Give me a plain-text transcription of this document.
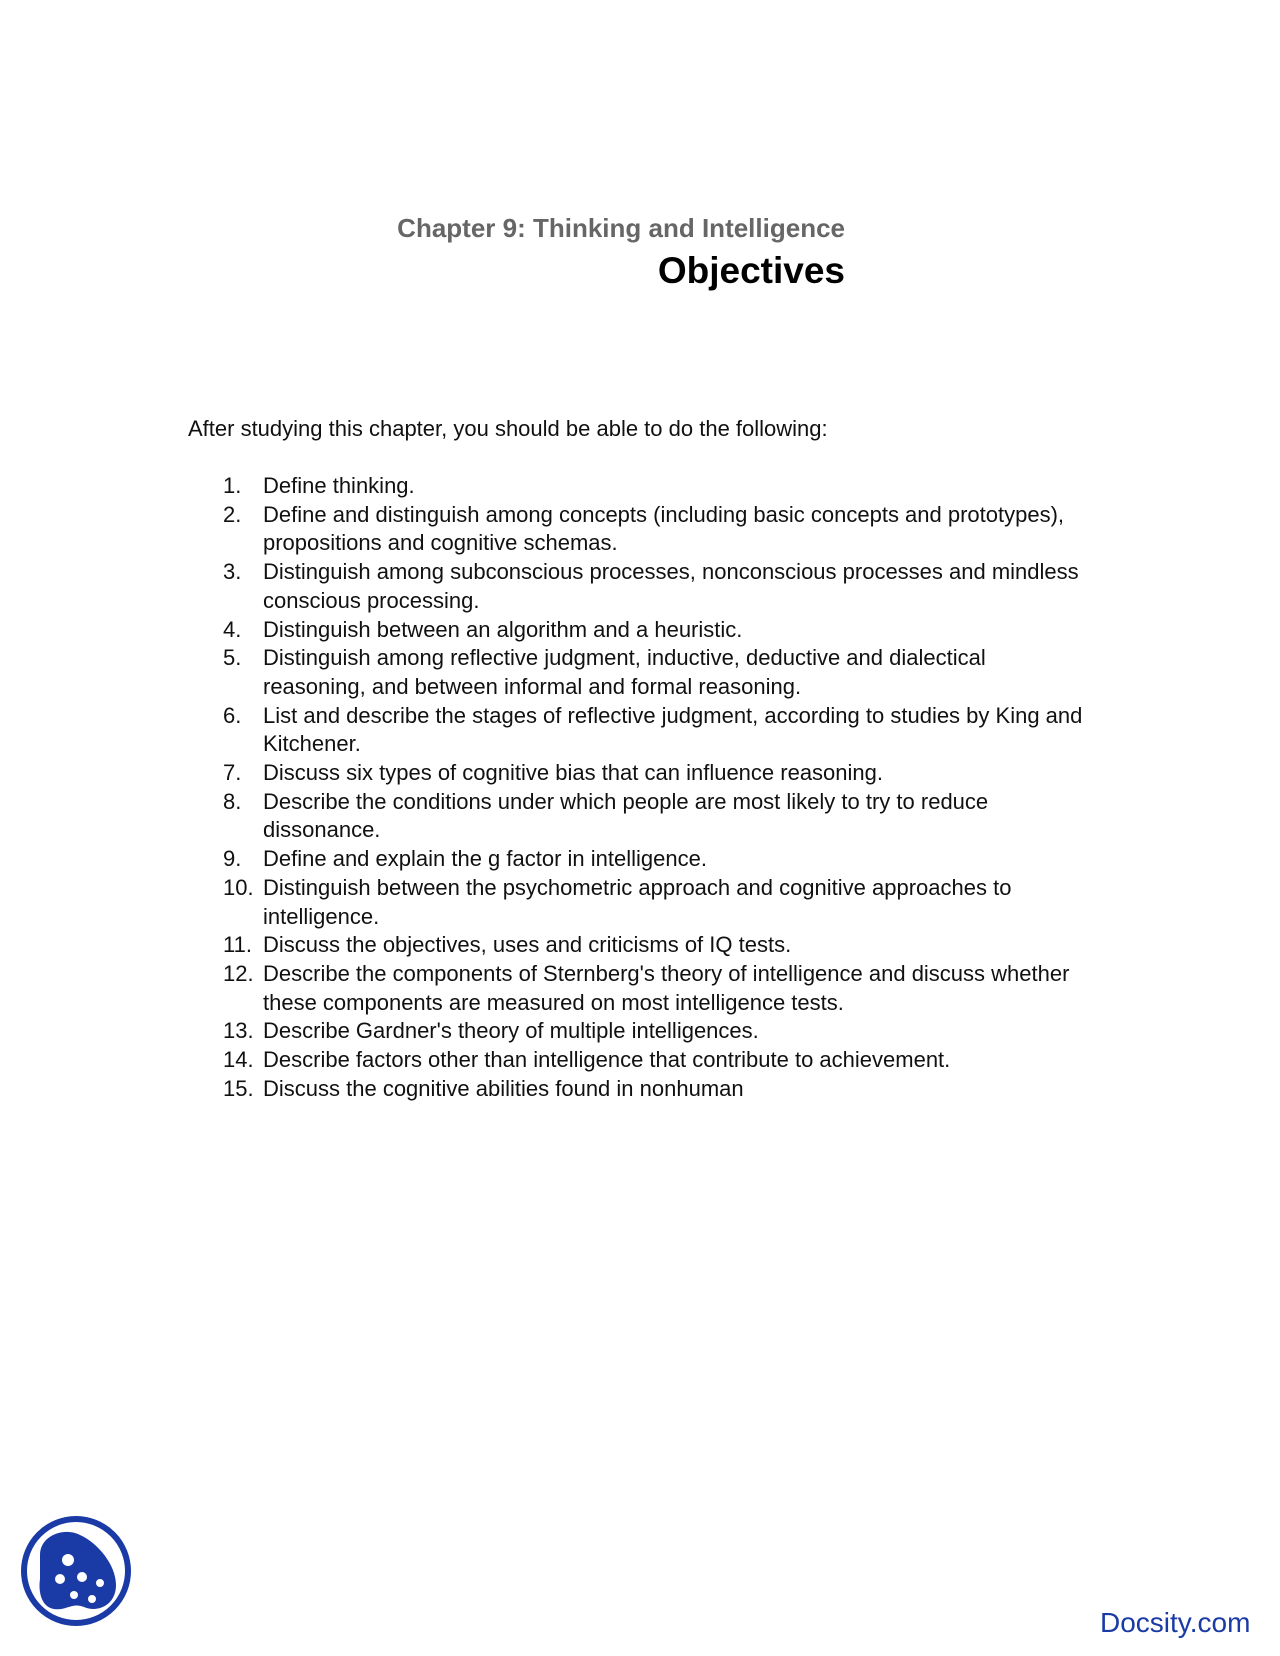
Chapter 9: Thinking and Intelligence
Objectives
After studying this chapter, you should be able to do the following:
1. Define thinking.
2. Define and distinguish among concepts (including basic concepts and prototypes), propositions and cognitive schemas.
3. Distinguish among subconscious processes, nonconscious processes and mindless conscious processing.
4. Distinguish between an algorithm and a heuristic.
5. Distinguish among reflective judgment, inductive, deductive and dialectical reasoning, and between informal and formal reasoning.
6. List and describe the stages of reflective judgment, according to studies by King and Kitchener.
7. Discuss six types of cognitive bias that can influence reasoning.
8. Describe the conditions under which people are most likely to try to reduce dissonance.
9. Define and explain the g factor in intelligence.
10. Distinguish between the psychometric approach and cognitive approaches to intelligence.
11. Discuss the objectives, uses and criticisms of IQ tests.
12. Describe the components of Sternberg's theory of intelligence and discuss whether these components are measured on most intelligence tests.
13. Describe Gardner's theory of multiple intelligences.
14. Describe factors other than intelligence that contribute to achievement.
15. Discuss the cognitive abilities found in nonhuman
Docsity.com
